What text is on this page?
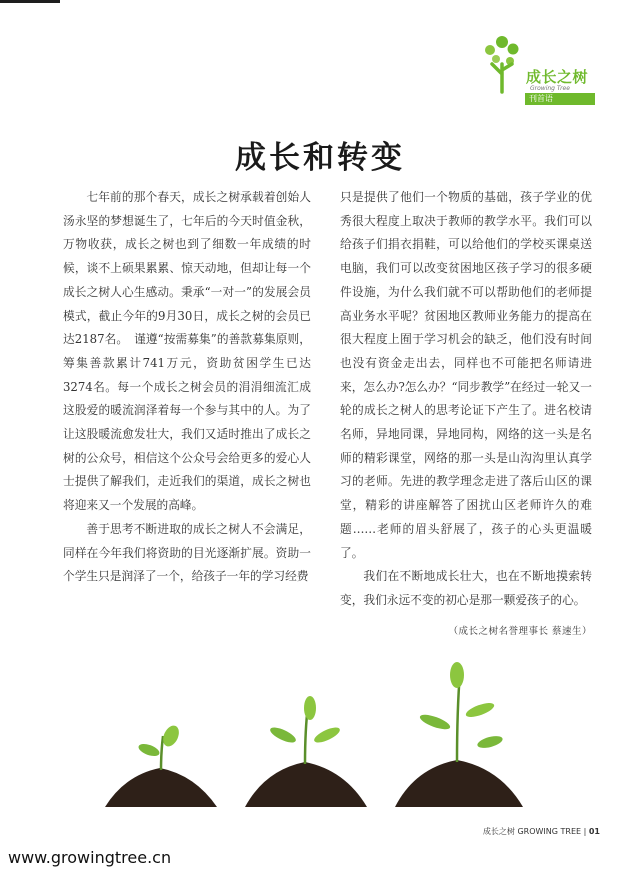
成长之树
Growing Tree
刊首语
成长和转变

七年前的那个春天，成长之树承载着创始人汤永坚的梦想诞生了，七年后的今天时值金秋，万物收获，成长之树也到了细数一年成绩的时候，谈不上硕果累累、惊天动地，但却让每一个成长之树人心生感动。秉承“一对一”的发展会员模式，截止今年的9月30日，成长之树的会员已达2187名。　谨遵“按需募集”的善款募集原则，筹集善款累计741万元，资助贫困学生已达3274名。每一个成长之树会员的涓涓细流汇成这股爱的暖流润泽着每一个参与其中的人。为了让这股暖流愈发壮大，我们又适时推出了成长之树的公众号，相信这个公众号会给更多的爱心人士提供了解我们，走近我们的渠道，成长之树也将迎来又一个发展的高峰。

善于思考不断进取的成长之树人不会满足，同样在今年我们将资助的目光逐渐扩展。资助一个学生只是润泽了一个，给孩子一年的学习经费

只是提供了他们一个物质的基础，孩子学业的优秀很大程度上取决于教师的教学水平。我们可以给孩子们捐衣捐鞋，可以给他们的学校买课桌送电脑，我们可以改变贫困地区孩子学习的很多硬件设施，为什么我们就不可以帮助他们的老师提高业务水平呢？贫困地区教师业务能力的提高在很大程度上囿于学习机会的缺乏，他们没有时间也没有资金走出去，同样也不可能把名师请进来，怎么办?怎么办？“同步教学”在经过一轮又一轮的成长之树人的思考论证下产生了。进名校请名师，异地同课，异地同构，网络的这一头是名师的精彩课堂，网络的那一头是山沟沟里认真学习的老师。先进的教学理念走进了落后山区的课堂，精彩的讲座解答了困扰山区老师许久的难题……老师的眉头舒展了，孩子的心头更温暖了。

我们在不断地成长壮大，也在不断地摸索转变，我们永远不变的初心是那一颗爱孩子的心。

（成长之树名誉理事长 蔡速生）
成长之树 GROWING TREE | 01
www.growingtree.cn
